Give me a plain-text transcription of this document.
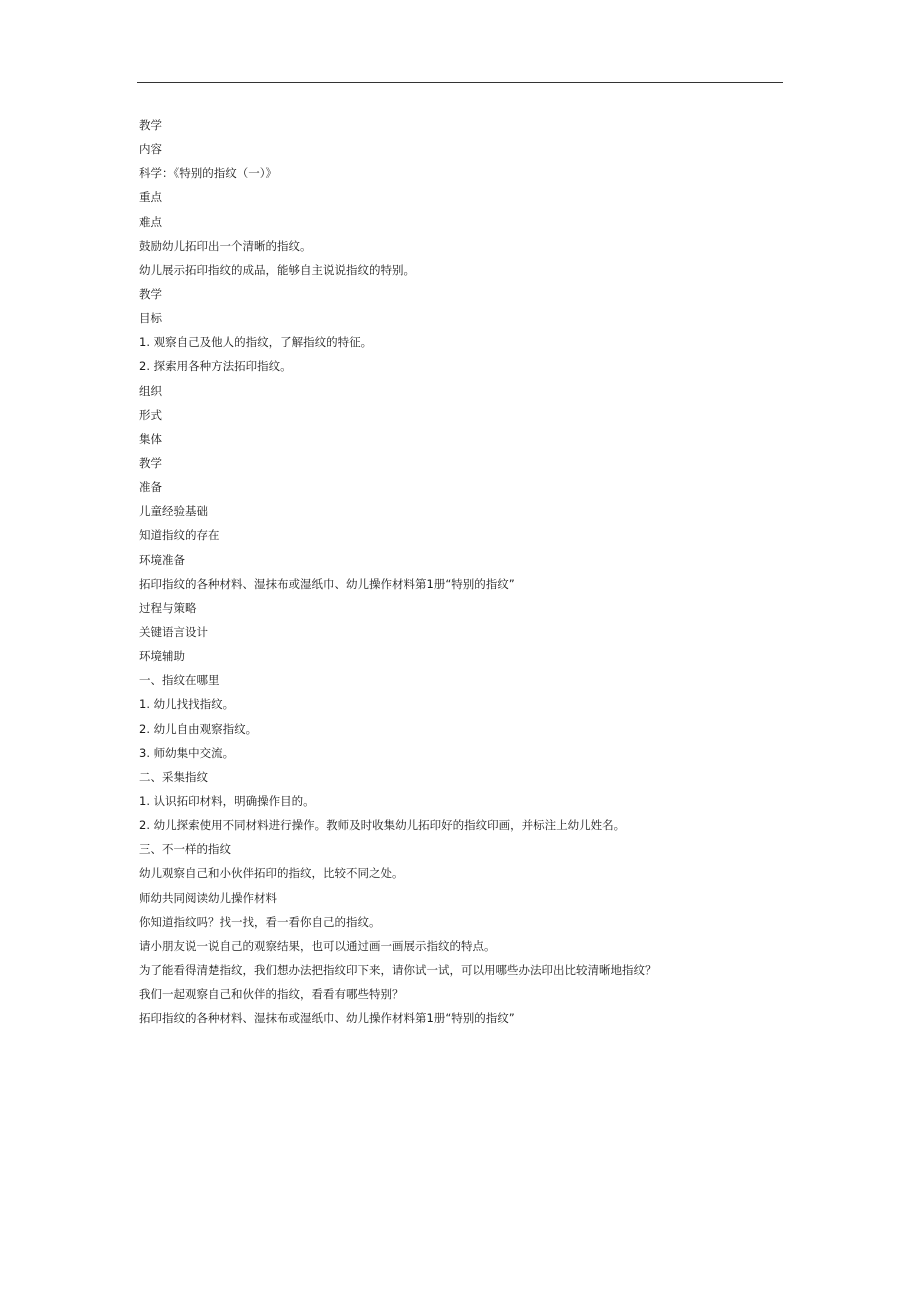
教学
内容
科学：《特别的指纹（一）》
重点
难点
鼓励幼儿拓印出一个清晰的指纹。
幼儿展示拓印指纹的成品，能够自主说说指纹的特别。
教学
目标
1. 观察自己及他人的指纹，了解指纹的特征。
2. 探索用各种方法拓印指纹。
组织
形式
集体
教学
准备
儿童经验基础
知道指纹的存在
环境准备
拓印指纹的各种材料、湿抹布或湿纸巾、幼儿操作材料第1册“特别的指纹”
过程与策略
关键语言设计
环境辅助
一、指纹在哪里
1. 幼儿找找指纹。
2. 幼儿自由观察指纹。
3. 师幼集中交流。
二、采集指纹
1. 认识拓印材料，明确操作目的。
2. 幼儿探索使用不同材料进行操作。教师及时收集幼儿拓印好的指纹印画，并标注上幼儿姓名。
三、不一样的指纹
幼儿观察自己和小伙伴拓印的指纹，比较不同之处。
师幼共同阅读幼儿操作材料
你知道指纹吗？找一找，看一看你自己的指纹。
请小朋友说一说自己的观察结果，也可以通过画一画展示指纹的特点。
为了能看得清楚指纹，我们想办法把指纹印下来，请你试一试，可以用哪些办法印出比较清晰地指纹？
我们一起观察自己和伙伴的指纹，看看有哪些特别？
拓印指纹的各种材料、湿抹布或湿纸巾、幼儿操作材料第1册“特别的指纹”
